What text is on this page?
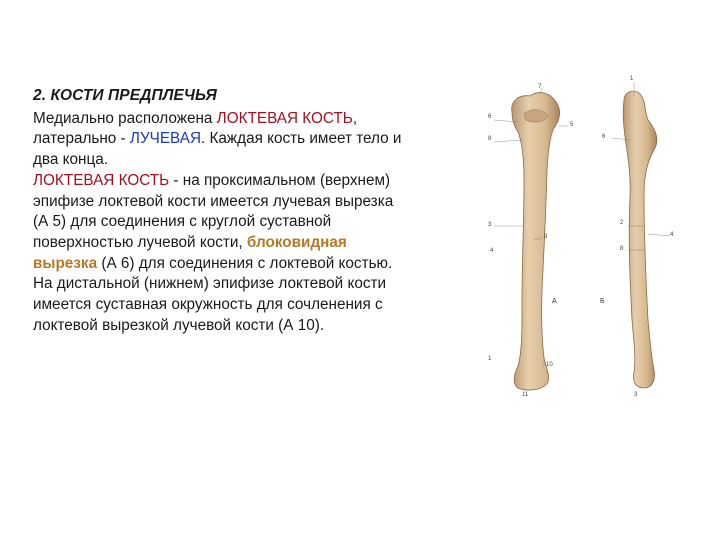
2. КОСТИ ПРЕДПЛЕЧЬЯ
Медиально расположена ЛОКТЕВАЯ КОСТЬ,
латерально - ЛУЧЕВАЯ. Каждая кость имеет тело и
два конца.
ЛОКТЕВАЯ КОСТЬ - на проксимальном (верхнем)
эпифизе локтевой кости имеется лучевая вырезка
(А 5) для соединения с круглой суставной
поверхностью лучевой кости, блоковидная
вырезка (А 6) для соединения с локтевой костью.
На дистальной (нижнем) эпифизе локтевой кости
имеется суставная окружность для сочленения с
локтевой вырезкой лучевой кости (А 10).
7
6
5
8
9
3
4
1
10
11
1
6
2
8
4
3
А	Б
